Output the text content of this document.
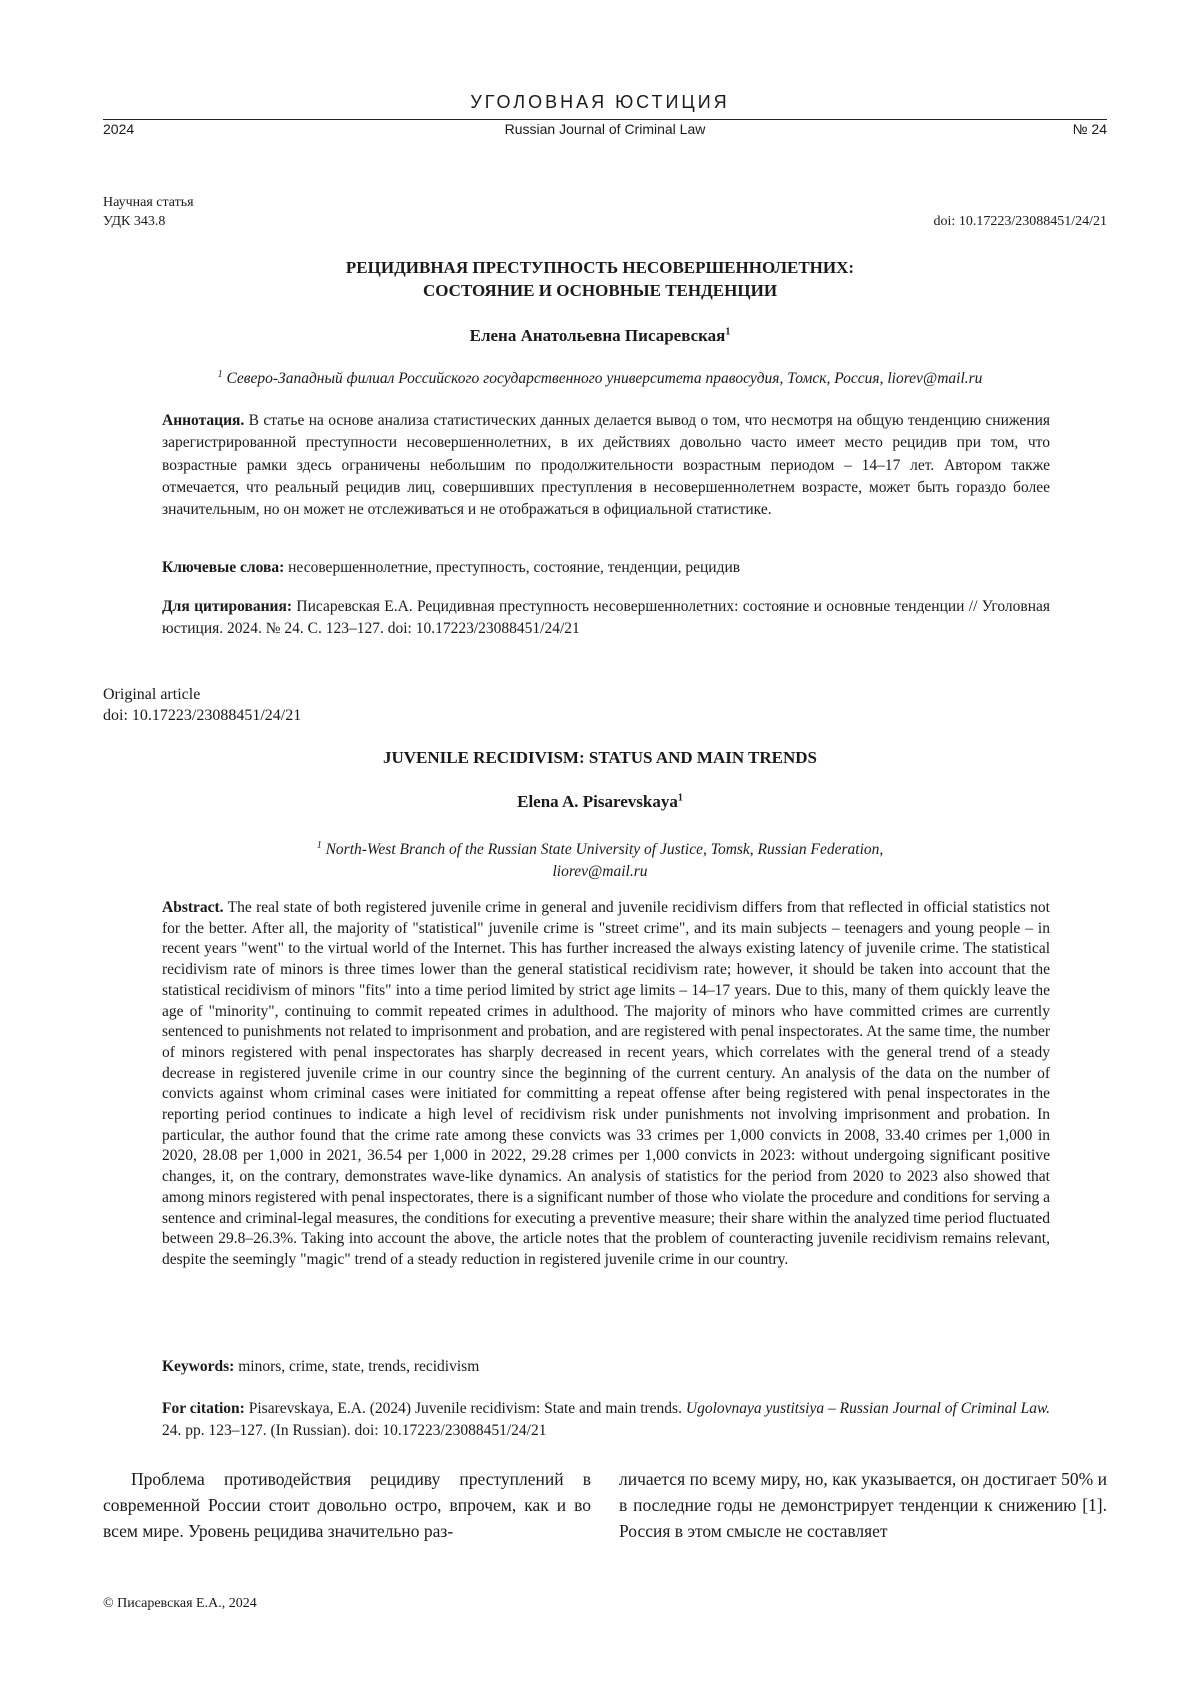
УГОЛОВНАЯ ЮСТИЦИЯ
2024	Russian Journal of Criminal Law	№ 24
Научная статья
УДК 343.8	doi: 10.17223/23088451/24/21
РЕЦИДИВНАЯ ПРЕСТУПНОСТЬ НЕСОВЕРШЕННОЛЕТНИХ:
СОСТОЯНИЕ И ОСНОВНЫЕ ТЕНДЕНЦИИ
Елена Анатольевна Писаревская$^1$
$^1$ Северо-Западный филиал Российского государственного университета правосудия, Томск, Россия, liorev@mail.ru
Аннотация. В статье на основе анализа статистических данных делается вывод о том, что несмотря на общую тенденцию снижения зарегистрированной преступности несовершеннолетних, в их действиях довольно часто имеет место рецидив при том, что возрастные рамки здесь ограничены небольшим по продолжительности возрастным периодом – 14–17 лет. Автором также отмечается, что реальный рецидив лиц, совершивших преступления в несовершеннолетнем возрасте, может быть гораздо более значительным, но он может не отслеживаться и не отображаться в официальной статистике.
Ключевые слова: несовершеннолетние, преступность, состояние, тенденции, рецидив
Для цитирования: Писаревская Е.А. Рецидивная преступность несовершеннолетних: состояние и основные тенденции // Уголовная юстиция. 2024. № 24. С. 123–127. doi: 10.17223/23088451/24/21
Original article
doi: 10.17223/23088451/24/21
JUVENILE RECIDIVISM: STATUS AND MAIN TRENDS
Elena A. Pisarevskaya$^1$
$^1$ North-West Branch of the Russian State University of Justice, Tomsk, Russian Federation,
liorev@mail.ru
Abstract. The real state of both registered juvenile crime in general and juvenile recidivism differs from that reflected in official statistics not for the better. After all, the majority of "statistical" juvenile crime is "street crime", and its main subjects – teenagers and young people – in recent years "went" to the virtual world of the Internet. This has further increased the always existing latency of juvenile crime. The statistical recidivism rate of minors is three times lower than the general statistical recidivism rate; however, it should be taken into account that the statistical recidivism of minors "fits" into a time period limited by strict age limits – 14–17 years. Due to this, many of them quickly leave the age of "minority", continuing to commit repeated crimes in adulthood. The majority of minors who have committed crimes are currently sentenced to punishments not related to imprisonment and probation, and are registered with penal inspectorates. At the same time, the number of minors registered with penal inspectorates has sharply decreased in recent years, which correlates with the general trend of a steady decrease in registered juvenile crime in our country since the beginning of the current century. An analysis of the data on the number of convicts against whom criminal cases were initiated for committing a repeat offense after being registered with penal inspectorates in the reporting period continues to indicate a high level of recidivism risk under punishments not involving imprisonment and probation. In particular, the author found that the crime rate among these convicts was 33 crimes per 1,000 convicts in 2008, 33.40 crimes per 1,000 in 2020, 28.08 per 1,000 in 2021, 36.54 per 1,000 in 2022, 29.28 crimes per 1,000 convicts in 2023: without undergoing significant positive changes, it, on the contrary, demonstrates wave-like dynamics. An analysis of statistics for the period from 2020 to 2023 also showed that among minors registered with penal inspectorates, there is a significant number of those who violate the procedure and conditions for serving a sentence and criminal-legal measures, the conditions for executing a preventive measure; their share within the analyzed time period fluctuated between 29.8–26.3%. Taking into account the above, the article notes that the problem of counteracting juvenile recidivism remains relevant, despite the seemingly "magic" trend of a steady reduction in registered juvenile crime in our country.
Keywords: minors, crime, state, trends, recidivism
For citation: Pisarevskaya, E.A. (2024) Juvenile recidivism: State and main trends. Ugolovnaya yustitsiya – Russian Journal of Criminal Law. 24. pp. 123–127. (In Russian). doi: 10.17223/23088451/24/21
Проблема противодействия рецидиву преступлений в современной России стоит довольно остро, впрочем, как и во всем мире. Уровень рецидива значительно раз-
личается по всему миру, но, как указывается, он достигает 50% и в последние годы не демонстрирует тенденции к снижению [1]. Россия в этом смысле не составляет
© Писаревская Е.А., 2024
